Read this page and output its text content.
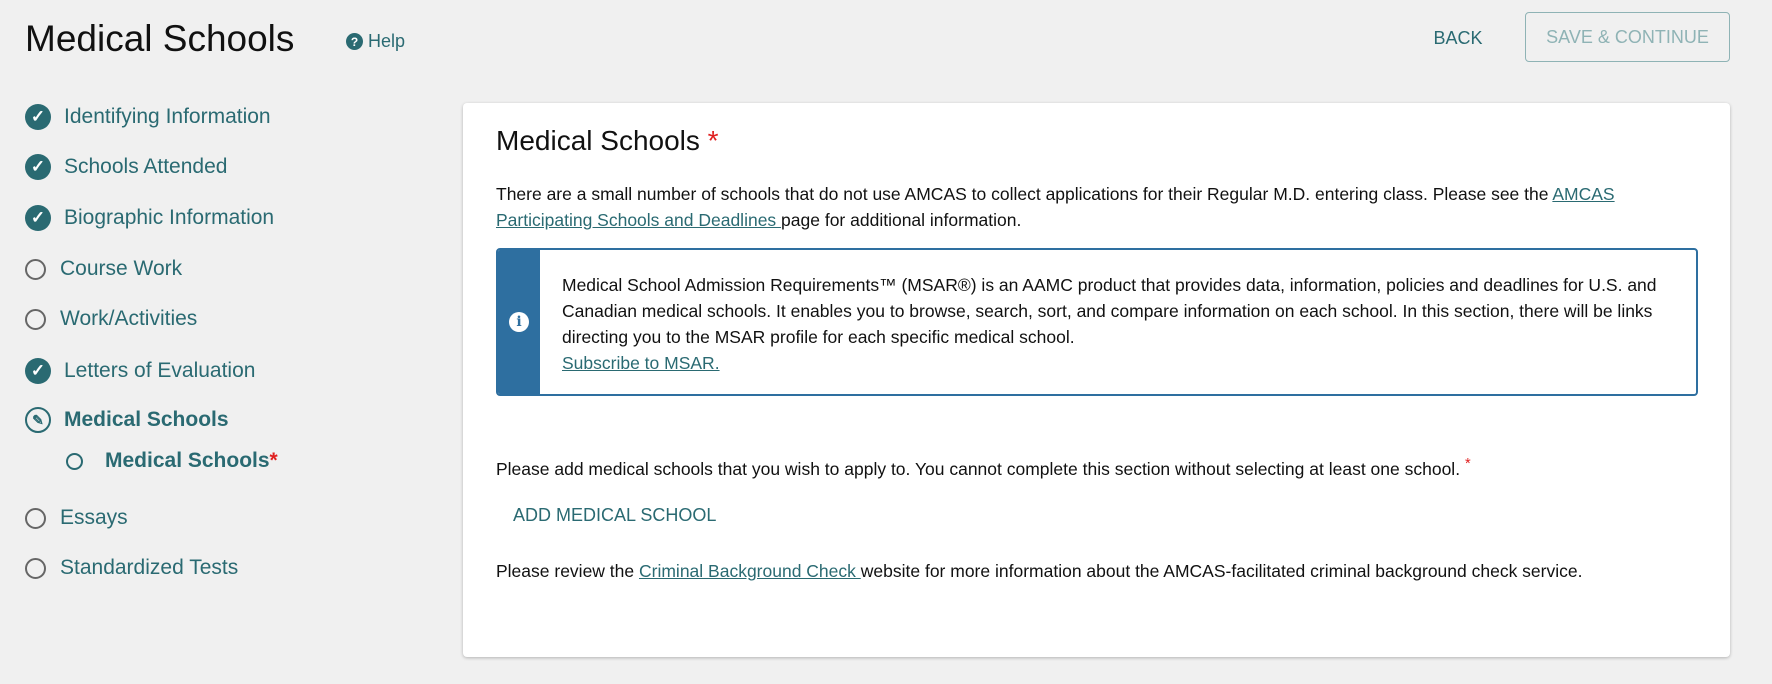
Medical Schools	? Help	BACK	SAVE & CONTINUE
✓ Identifying Information
✓ Schools Attended
✓ Biographic Information
Course Work
Work/Activities
✓ Letters of Evaluation
✎ Medical Schools
Medical Schools *
Essays
Standardized Tests
Medical Schools *
There are a small number of schools that do not use AMCAS to collect applications for their Regular M.D. entering class. Please see the AMCAS Participating Schools and Deadlines page for additional information.
i
Medical School Admission Requirements™ (MSAR®) is an AAMC product that provides data, information, policies and deadlines for U.S. and Canadian medical schools. It enables you to browse, search, sort, and compare information on each school. In this section, there will be links directing you to the MSAR profile for each specific medical school.
Subscribe to MSAR.
Please add medical schools that you wish to apply to. You cannot complete this section without selecting at least one school. *
ADD MEDICAL SCHOOL
Please review the Criminal Background Check website for more information about the AMCAS-facilitated criminal background check service.
